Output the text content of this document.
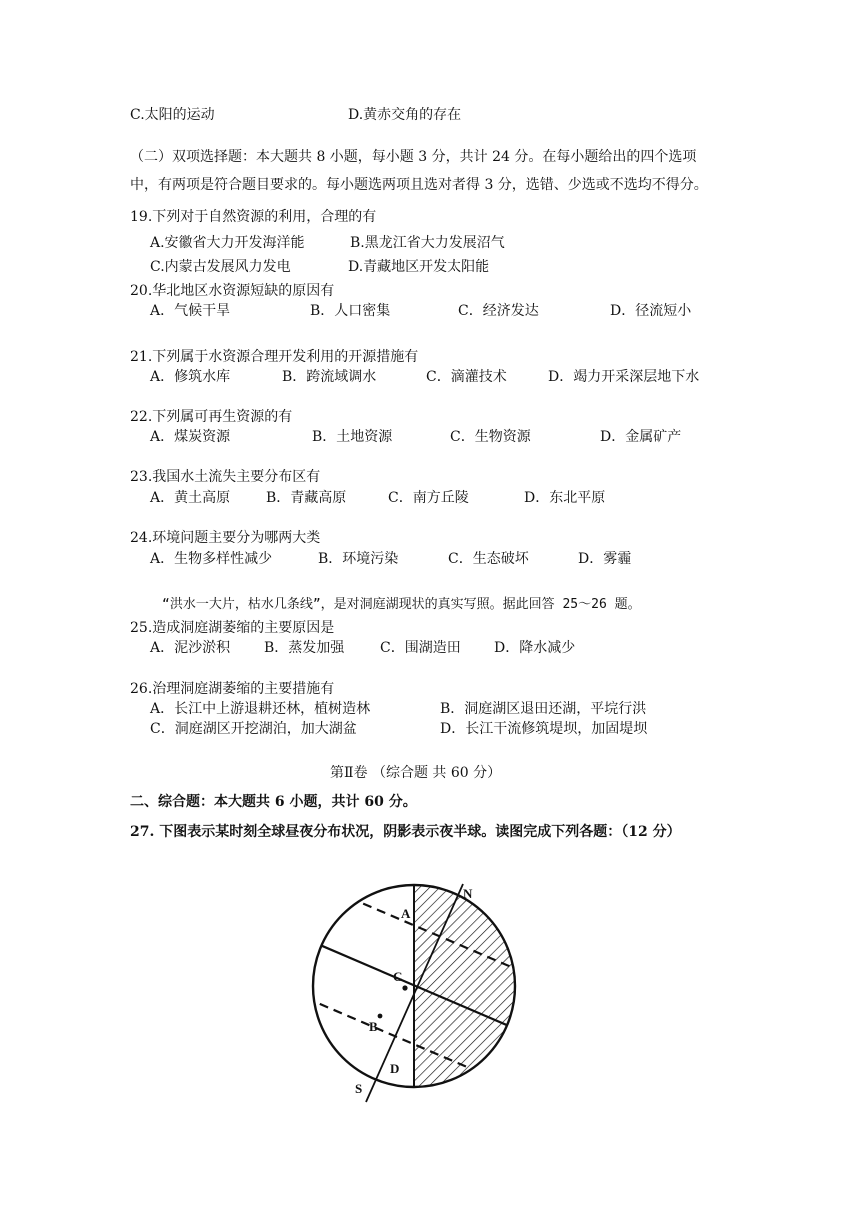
C.太阳的运动	D.黄赤交角的存在
（二）双项选择题：本大题共 8 小题，每小题 3 分，共计 24 分。在每小题给出的四个选项
中，有两项是符合题目要求的。每小题选两项且选对者得 3 分，选错、少选或不选均不得分。
19.下列对于自然资源的利用，合理的有
A.安徽省大力开发海洋能	B.黑龙江省大力发展沼气
C.内蒙古发展风力发电	D.青藏地区开发太阳能
20.华北地区水资源短缺的原因有
A．气候干旱	B．人口密集	C．经济发达	D．径流短小
21.下列属于水资源合理开发利用的开源措施有
A．修筑水库	B．跨流域调水	C．滴灌技术	D．竭力开采深层地下水
22.下列属可再生资源的有
A．煤炭资源	B．土地资源	C．生物资源	D．金属矿产
23.我国水土流失主要分布区有
A．黄土高原	B．青藏高原	C．南方丘陵	D．东北平原
24.环境问题主要分为哪两大类
A．生物多样性减少	B．环境污染	C．生态破坏	D．雾霾
“洪水一大片，枯水几条线”，是对洞庭湖现状的真实写照。据此回答 25～26 题。
25.造成洞庭湖萎缩的主要原因是
A．泥沙淤积 B．蒸发加强	C．围湖造田 D．降水减少
26.治理洞庭湖萎缩的主要措施有
A．长江中上游退耕还林，植树造林	B．洞庭湖区退田还湖，平垸行洪
C．洞庭湖区开挖湖泊，加大湖盆	D．长江干流修筑堤坝，加固堤坝
第Ⅱ卷 （综合题 共 60 分）
二、综合题：本大题共 6 小题，共计 60 分。
27. 下图表示某时刻全球昼夜分布状况，阴影表示夜半球。读图完成下列各题：（12 分）
N
S
A
B
C
D
